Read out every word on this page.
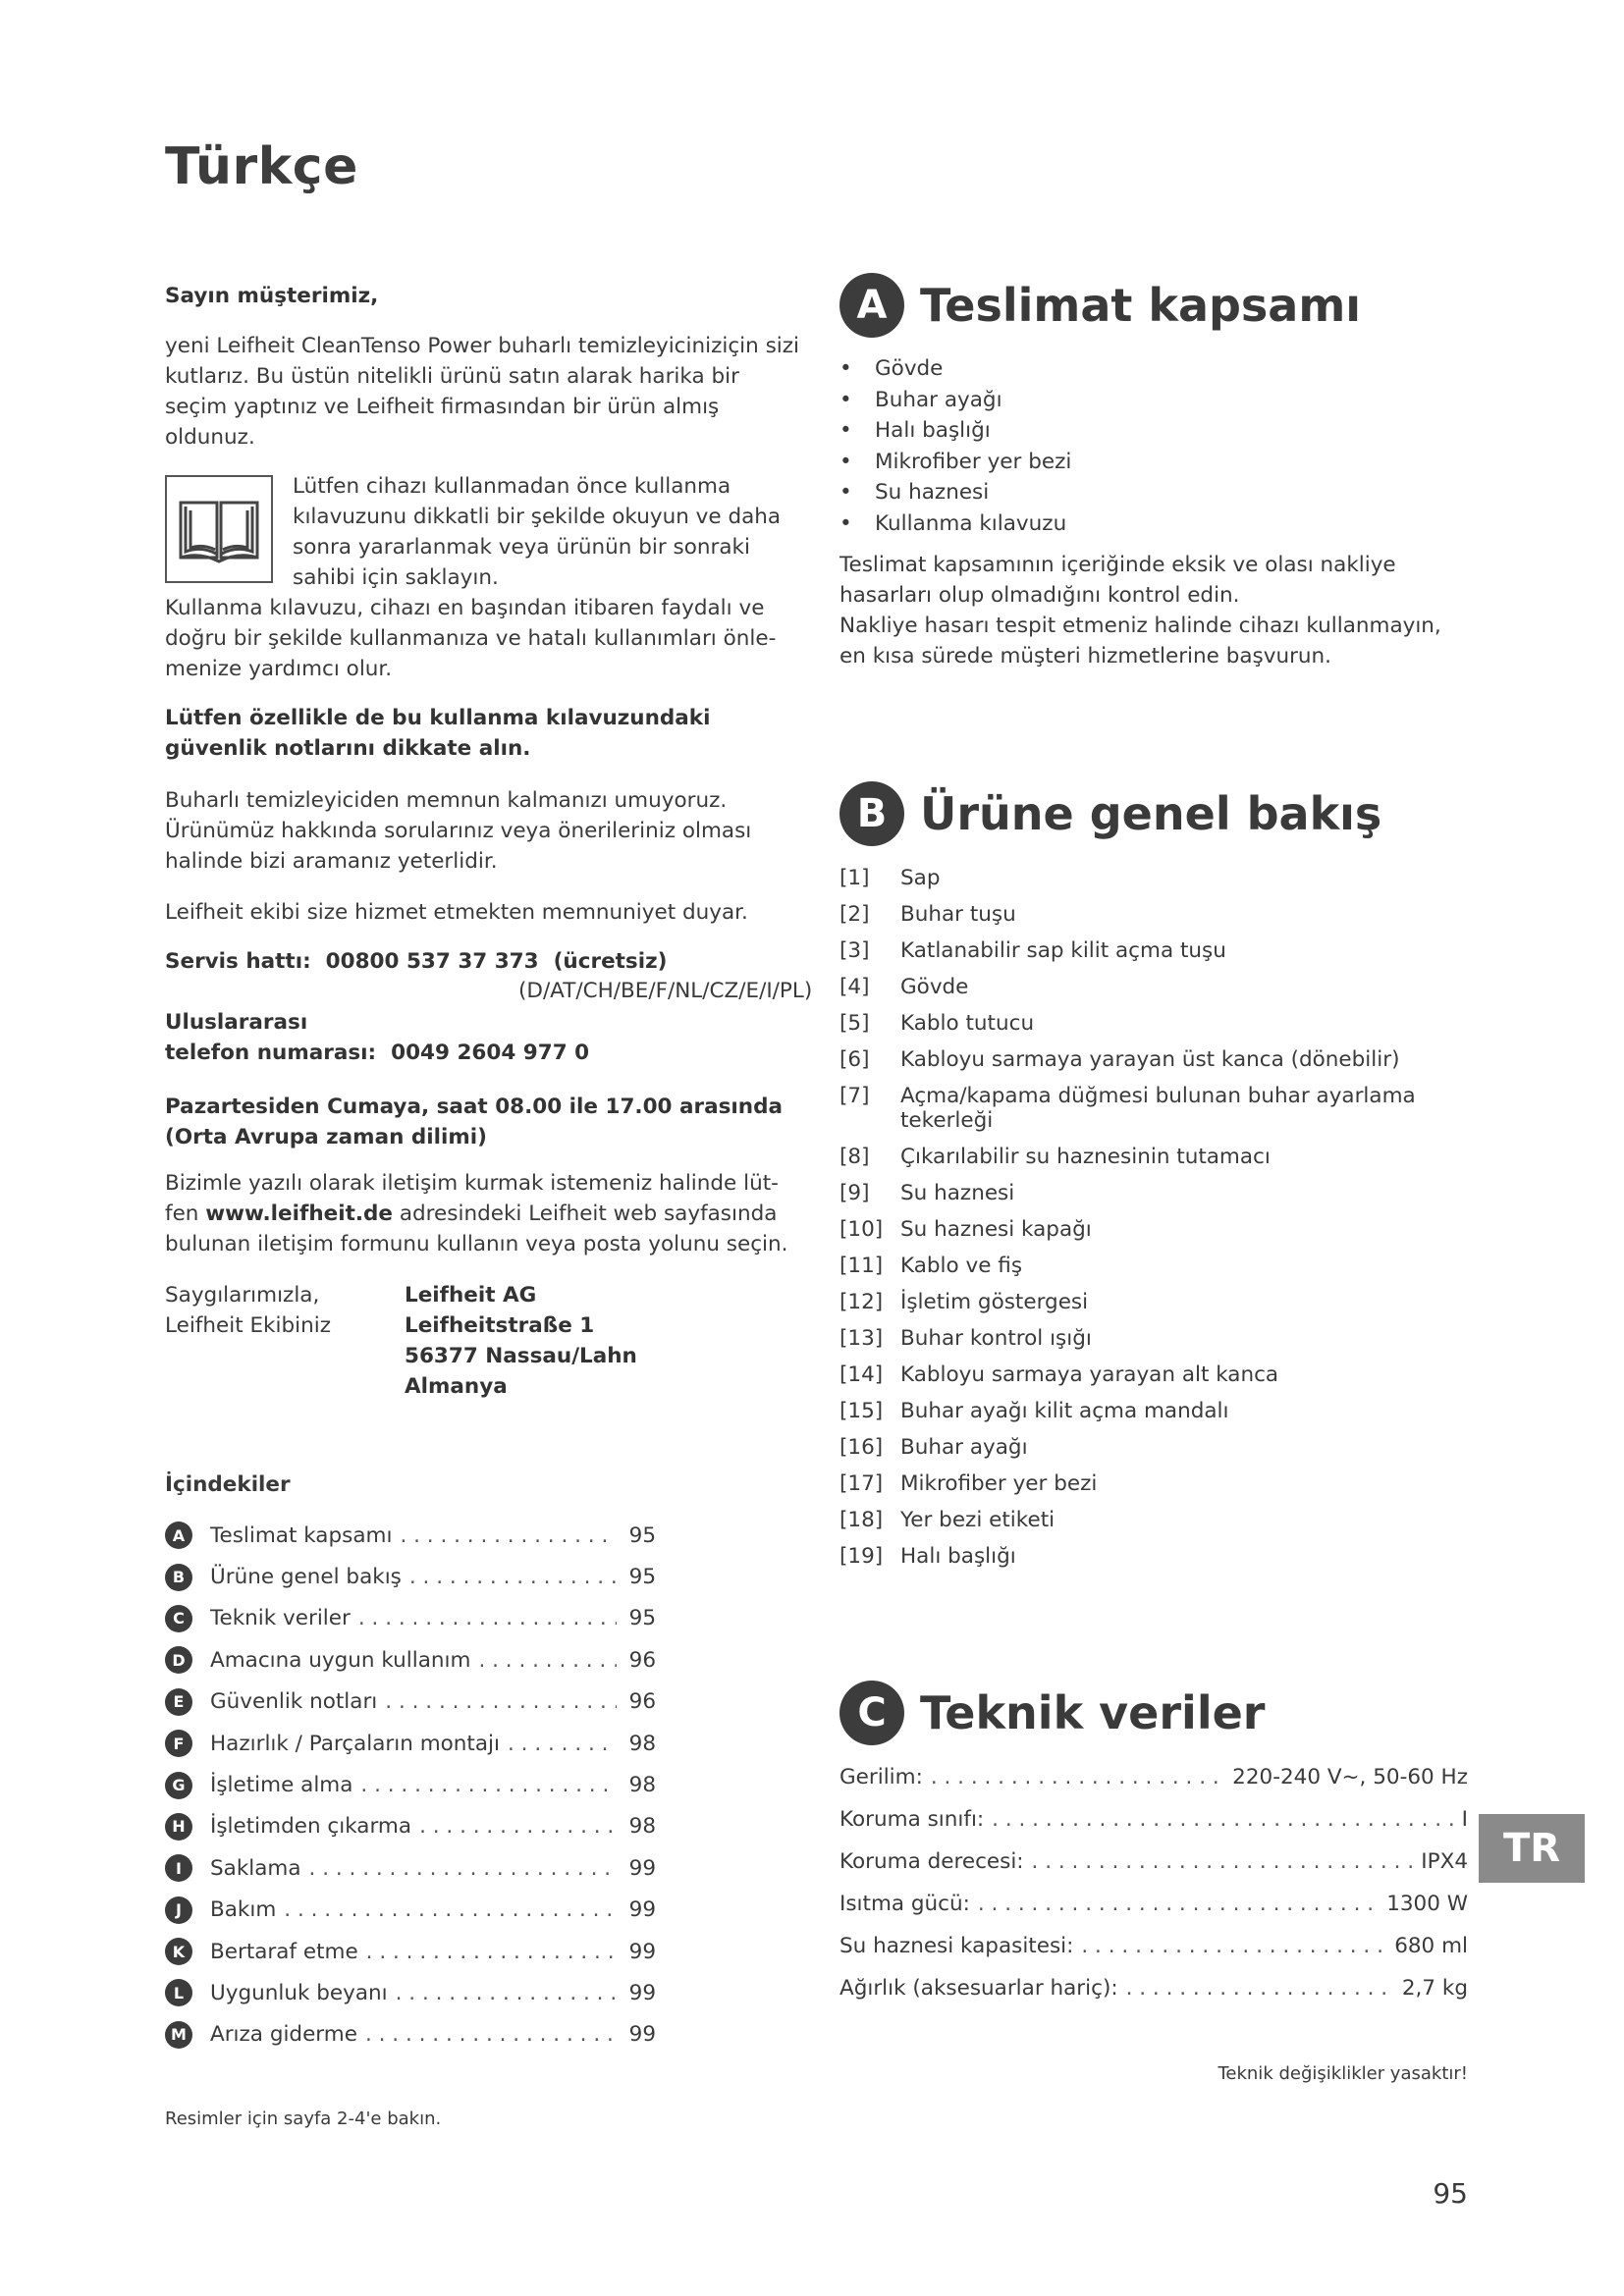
Türkçe

Sayın müşterimiz,

yeni Leifheit CleanTenso Power buharlı temizleyiciniziçin sizi kutlarız. Bu üstün nitelikli ürünü satın alarak harika bir seçim yaptınız ve Leifheit firmasından bir ürün almış oldunuz.

Lütfen cihazı kullanmadan önce kullanma kılavuzunu dikkatli bir şekilde okuyun ve daha sonra yararlanmak veya ürünün bir sonraki sahibi için saklayın.

Kullanma kılavuzu, cihazı en başından itibaren faydalı ve doğru bir şekilde kullanmanıza ve hatalı kullanımları önle-menize yardımcı olur.

Lütfen özellikle de bu kullanma kılavuzundaki güvenlik notlarını dikkate alın.

Buharlı temizleyiciden memnun kalmanızı umuyoruz. Ürünümüz hakkında sorularınız veya önerileriniz olması halinde bizi aramanız yeterlidir.

Leifheit ekibi size hizmet etmekten memnuniyet duyar.

Servis hattı: 00800 537 37 373 (ücretsiz)
(D/AT/CH/BE/F/NL/CZ/E/I/PL)
Uluslararası
telefon numarası: 0049 2604 977 0

Pazartesiden Cumaya, saat 08.00 ile 17.00 arasında (Orta Avrupa zaman dilimi)

Bizimle yazılı olarak iletişim kurmak istemeniz halinde lüt-fen www.leifheit.de adresindeki Leifheit web sayfasında bulunan iletişim formunu kullanın veya posta yolunu seçin.

Saygılarımızla,
Leifheit Ekibiniz
Leifheit AG
Leifheitstraße 1
56377 Nassau/Lahn
Almanya
İçindekiler
A	Teslimat kapsamı . . .	95
B	Ürüne genel bakış . . .	95
C	Teknik veriler . . .	95
D	Amacına uygun kullanım . . .	96
E	Güvenlik notları . . .	96
F	Hazırlık / Parçaların montajı . . .	98
G	İşletime alma . . .	98
H	İşletimden çıkarma . . .	98
I	Saklama . . .	99
J	Bakım . . .	99
K	Bertaraf etme . . .	99
L	Uygunluk beyanı . . .	99
M Arıza giderme . . .	99
Resimler için sayfa 2-4'e bakın.
A Teslimat kapsamı
• Gövde
• Buhar ayağı
• Halı başlığı
• Mikrofiber yer bezi
• Su haznesi
• Kullanma kılavuzu

Teslimat kapsamının içeriğinde eksik ve olası nakliye hasarları olup olmadığını kontrol edin.

Nakliye hasarı tespit etmeniz halinde cihazı kullanmayın, en kısa sürede müşteri hizmetlerine başvurun.

B Ürüne genel bakış
[1]	Sap
[2]	Buhar tuşu
[3]	Katlanabilir sap kilit açma tuşu
[4]	Gövde
[5]	Kablo tutucu
[6]	Kabloyu sarmaya yarayan üst kanca (dönebilir)
[7]	Açma/kapama düğmesi bulunan buhar ayarlama tekerleği
[8]	Çıkarılabilir su haznesinin tutamacı
[9]	Su haznesi
[10] Su haznesi kapağı
[11] Kablo ve fiş
[12] İşletim göstergesi
[13] Buhar kontrol ışığı
[14] Kabloyu sarmaya yarayan alt kanca
[15] Buhar ayağı kilit açma mandalı
[16] Buhar ayağı
[17] Mikrofiber yer bezi
[18] Yer bezi etiketi
[19] Halı başlığı
C Teknik veriler
Gerilim: . . .	220-240 V~, 50-60 Hz
Koruma sınıfı: . . .	I
Koruma derecesi: . . .	IPX4
Isıtma gücü: . . .	1300 W
Su haznesi kapasitesi: . . .	680 ml
Ağırlık (aksesuarlar hariç): . . .	2,7 kg
Teknik değişiklikler yasaktır!
TR
95
